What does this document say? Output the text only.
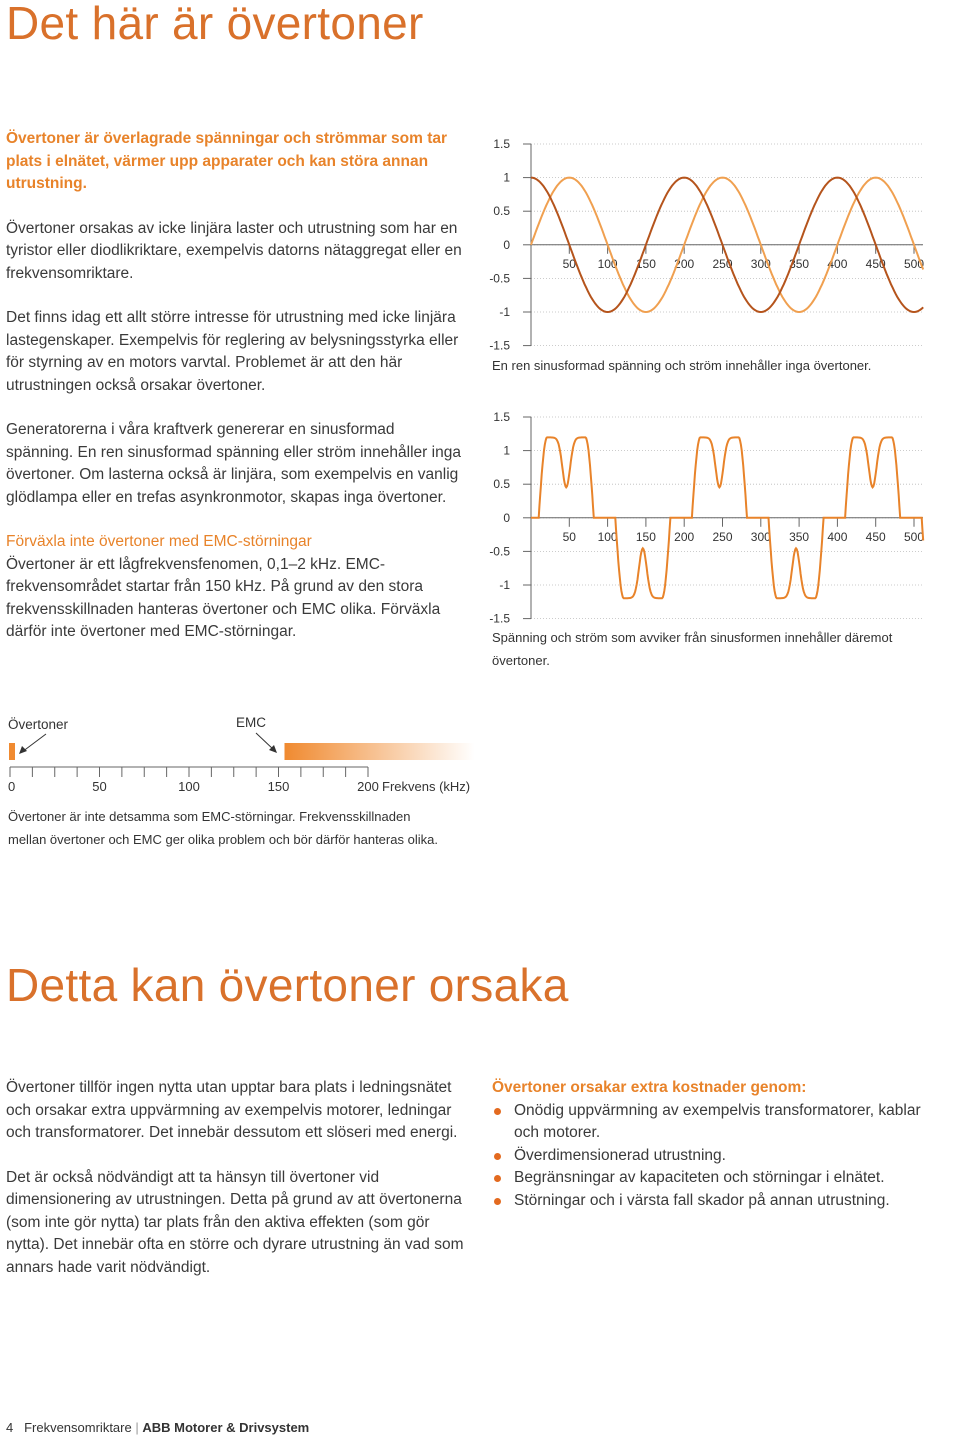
Det här är övertoner

Övertoner är överlagrade spänningar och strömmar som tar plats i elnätet, värmer upp apparater och kan störa annan utrustning.

Övertoner orsakas av icke linjära laster och utrustning som har en tyristor eller diodlikriktare, exempelvis datorns nätaggregat eller en frekvensomriktare.

Det finns idag ett allt större intresse för utrustning med icke linjära lastegenskaper. Exempelvis för reglering av belysningsstyrka eller för styrning av en motors varvtal. Problemet är att den här utrustningen också orsakar övertoner.

Generatorerna i våra kraftverk genererar en sinusformad spänning. En ren sinusformad spänning eller ström innehåller inga övertoner. Om lasterna också är linjära, som exempelvis en vanlig glödlampa eller en trefas asynkronmotor, skapas inga övertoner.

Förväxla inte övertoner med EMC-störningar

Övertoner är ett lågfrekvensfenomen, 0,1–2 kHz. EMC-frekvensområdet startar från 150 kHz. På grund av den stora frekvensskillnaden hanteras övertoner och EMC olika. Förväxla därför inte övertoner med EMC-störningar.

1.5
1
0.5
0
-0.5
-1
-1.5
50 100 150 200 250 300 350 400 450 500

En ren sinusformad spänning och ström innehåller inga övertoner.

1.5
1
0.5
0
-0.5
-1
-1.5
50 100 150 200 250 300 350 400 450 500

Spänning och ström som avviker från sinusformen innehåller däremot

övertoner.

Övertoner	EMC
0	50	100	150	200 Frekvens (kHz)

Övertoner är inte detsamma som EMC-störningar. Frekvensskillnaden

mellan övertoner och EMC ger olika problem och bör därför hanteras olika.

Detta kan övertoner orsaka

Övertoner tillför ingen nytta utan upptar bara plats i ledningsnätet och orsakar extra uppvärmning av exempelvis motorer, ledningar och transformatorer. Det innebär dessutom ett slöseri med energi.

Det är också nödvändigt att ta hänsyn till övertoner vid dimensionering av utrustningen. Detta på grund av att övertonerna (som inte gör nytta) tar plats från den aktiva effekten (som gör nytta). Det innebär ofta en större och dyrare utrustning än vad som annars hade varit nödvändigt.

Övertoner orsakar extra kostnader genom:

Onödig uppvärmning av exempelvis transformatorer, kablar och motorer.
Överdimensionerad utrustning.
Begränsningar av kapaciteten och störningar i elnätet.
Störningar och i värsta fall skador på annan utrustning.
4 Frekvensomriktare | ABB Motorer & Drivsystem
